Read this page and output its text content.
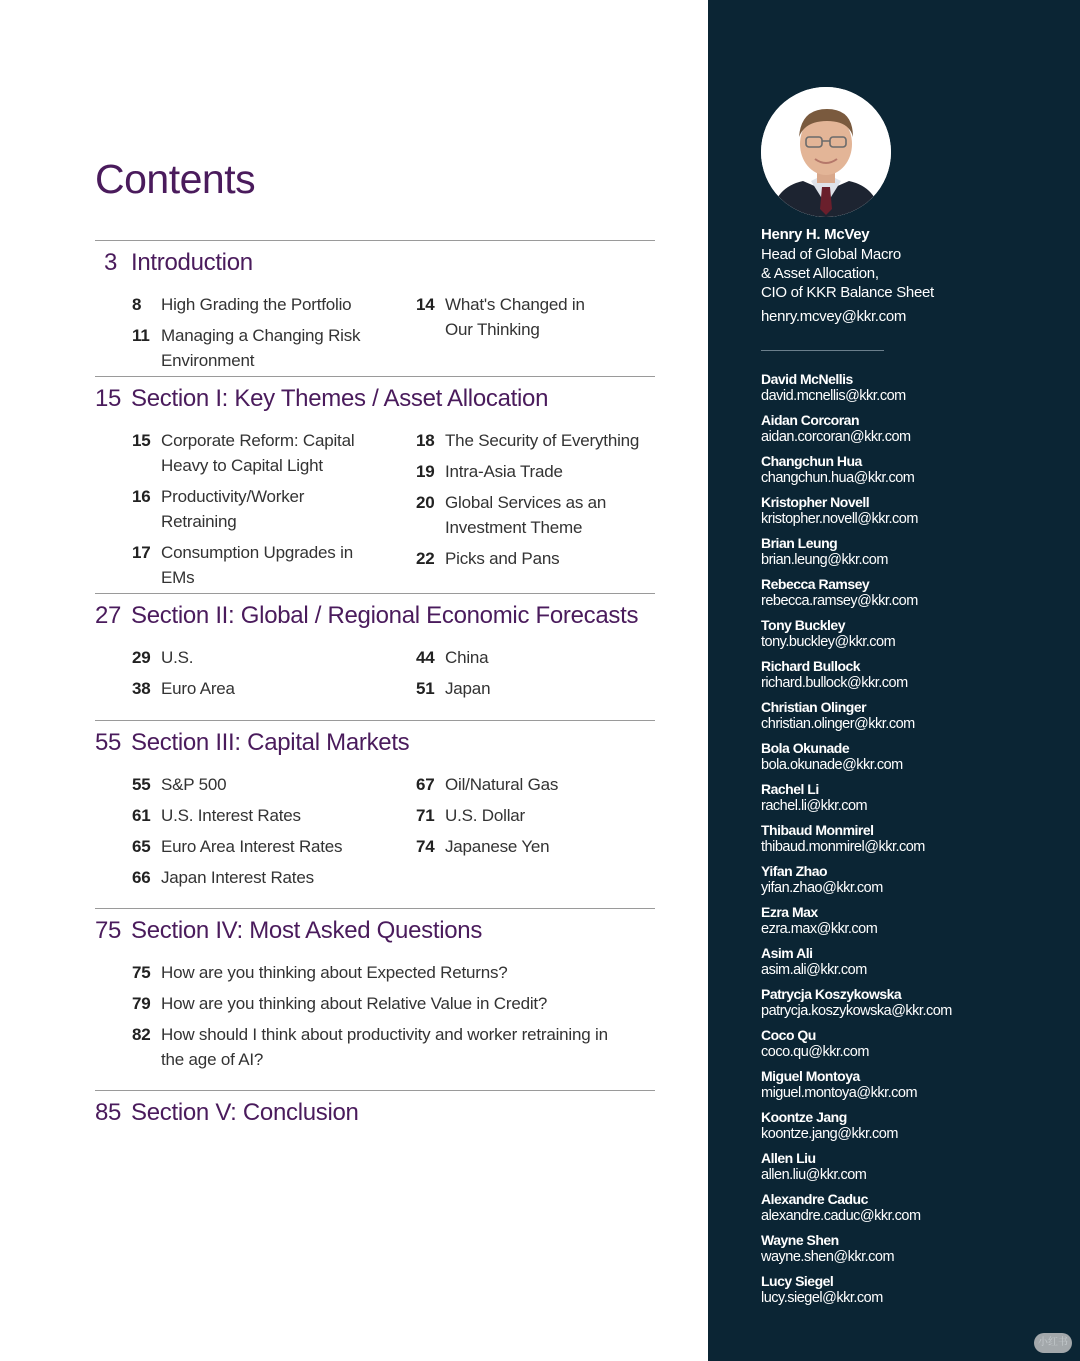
Contents
3 Introduction
8 High Grading the Portfolio
11 Managing a Changing Risk Environment
14 What's Changed in Our Thinking
15 Section I: Key Themes / Asset Allocation
15 Corporate Reform: Capital Heavy to Capital Light
16 Productivity/Worker Retraining
17 Consumption Upgrades in EMs
18 The Security of Everything
19 Intra-Asia Trade
20 Global Services as an Investment Theme
22 Picks and Pans
27 Section II: Global / Regional Economic Forecasts
29 U.S.
38 Euro Area
44 China
51 Japan
55 Section III: Capital Markets
55 S&P 500
61 U.S. Interest Rates
65 Euro Area Interest Rates
66 Japan Interest Rates
67 Oil/Natural Gas
71 U.S. Dollar
74 Japanese Yen
75 Section IV: Most Asked Questions
75 How are you thinking about Expected Returns?
79 How are you thinking about Relative Value in Credit?
82 How should I think about productivity and worker retraining in the age of AI?
85 Section V: Conclusion
Henry H. McVey
Head of Global Macro
& Asset Allocation,
CIO of KKR Balance Sheet
henry.mcvey@kkr.com
David McNellis
david.mcnellis@kkr.com
Aidan Corcoran
aidan.corcoran@kkr.com
Changchun Hua
changchun.hua@kkr.com
Kristopher Novell
kristopher.novell@kkr.com
Brian Leung
brian.leung@kkr.com
Rebecca Ramsey
rebecca.ramsey@kkr.com
Tony Buckley
tony.buckley@kkr.com
Richard Bullock
richard.bullock@kkr.com
Christian Olinger
christian.olinger@kkr.com
Bola Okunade
bola.okunade@kkr.com
Rachel Li
rachel.li@kkr.com
Thibaud Monmirel
thibaud.monmirel@kkr.com
Yifan Zhao
yifan.zhao@kkr.com
Ezra Max
ezra.max@kkr.com
Asim Ali
asim.ali@kkr.com
Patrycja Koszykowska
patrycja.koszykowska@kkr.com
Coco Qu
coco.qu@kkr.com
Miguel Montoya
miguel.montoya@kkr.com
Koontze Jang
koontze.jang@kkr.com
Allen Liu
allen.liu@kkr.com
Alexandre Caduc
alexandre.caduc@kkr.com
Wayne Shen
wayne.shen@kkr.com
Lucy Siegel
lucy.siegel@kkr.com
小红书
